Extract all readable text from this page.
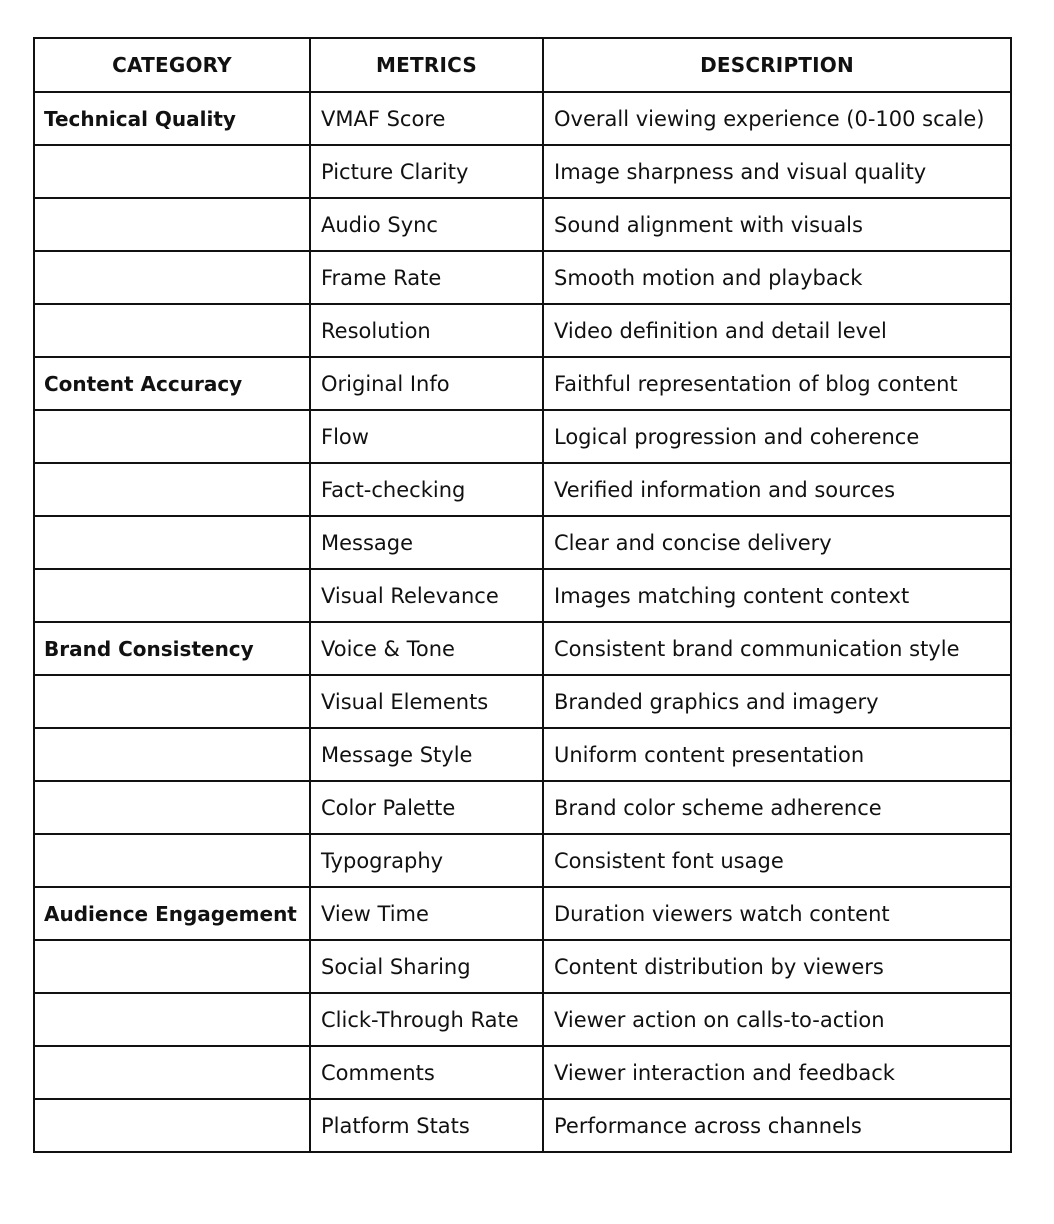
CATEGORY	METRICS	DESCRIPTION
Technical Quality	VMAF Score	Overall viewing experience (0-100 scale)
	Picture Clarity	Image sharpness and visual quality
	Audio Sync	Sound alignment with visuals
	Frame Rate	Smooth motion and playback
	Resolution	Video definition and detail level
Content Accuracy	Original Info	Faithful representation of blog content
	Flow	Logical progression and coherence
	Fact-checking	Verified information and sources
	Message	Clear and concise delivery
	Visual Relevance	Images matching content context
Brand Consistency	Voice & Tone	Consistent brand communication style
	Visual Elements	Branded graphics and imagery
	Message Style	Uniform content presentation
	Color Palette	Brand color scheme adherence
	Typography	Consistent font usage
Audience Engagement	View Time	Duration viewers watch content
	Social Sharing	Content distribution by viewers
	Click-Through Rate	Viewer action on calls-to-action
	Comments	Viewer interaction and feedback
	Platform Stats	Performance across channels
